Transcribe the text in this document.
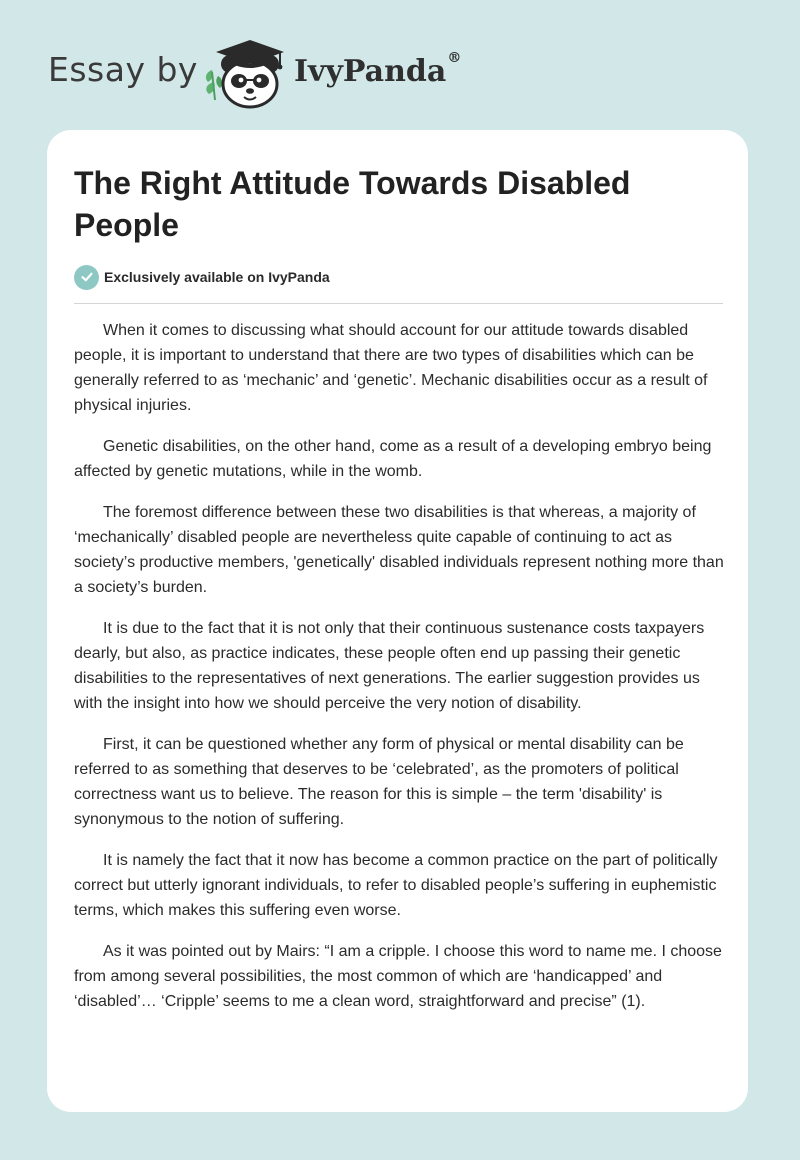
Essay by	IvyPanda®
The Right Attitude Towards Disabled People
Exclusively available on IvyPanda

When it comes to discussing what should account for our attitude towards disabled people, it is important to understand that there are two types of disabilities which can be generally referred to as ‘mechanic’ and ‘genetic’. Mechanic disabilities occur as a result of physical injuries.

Genetic disabilities, on the other hand, come as a result of a developing embryo being affected by genetic mutations, while in the womb.

The foremost difference between these two disabilities is that whereas, a majority of ‘mechanically’ disabled people are nevertheless quite capable of continuing to act as society’s productive members, 'genetically' disabled individuals represent nothing more than a society’s burden.

It is due to the fact that it is not only that their continuous sustenance costs taxpayers dearly, but also, as practice indicates, these people often end up passing their genetic disabilities to the representatives of next generations. The earlier suggestion provides us with the insight into how we should perceive the very notion of disability.

First, it can be questioned whether any form of physical or mental disability can be referred to as something that deserves to be ‘celebrated’, as the promoters of political correctness want us to believe. The reason for this is simple – the term 'disability' is synonymous to the notion of suffering.

It is namely the fact that it now has become a common practice on the part of politically correct but utterly ignorant individuals, to refer to disabled people’s suffering in euphemistic terms, which makes this suffering even worse.

As it was pointed out by Mairs: “I am a cripple. I choose this word to name me. I choose from among several possibilities, the most common of which are ‘handicapped’ and ‘disabled’… ‘Cripple’ seems to me a clean word, straightforward and precise” (1).
